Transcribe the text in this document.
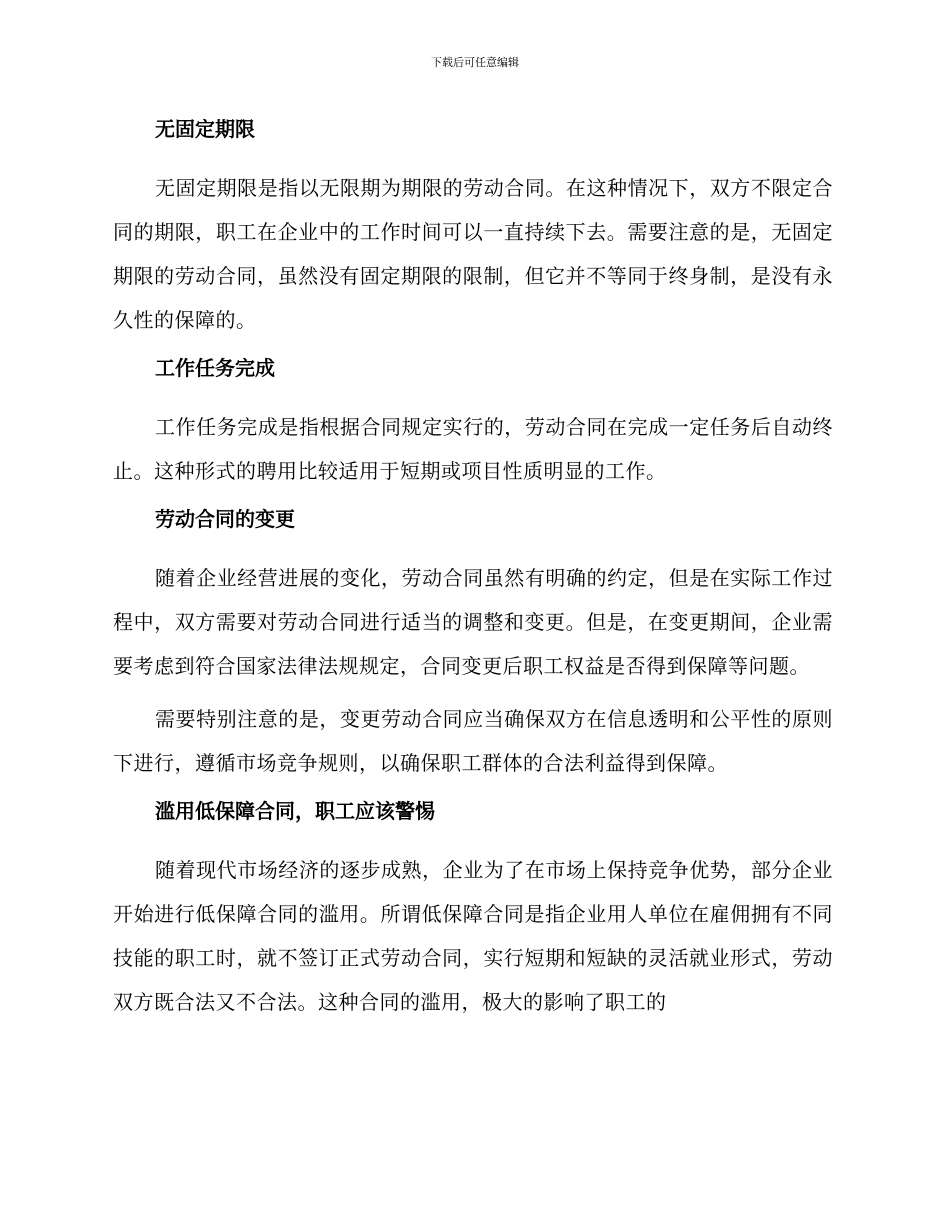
下载后可任意编辑
无固定期限

无固定期限是指以无限期为期限的劳动合同。在这种情况下，双方不限定合同的期限，职工在企业中的工作时间可以一直持续下去。需要注意的是，无固定期限的劳动合同，虽然没有固定期限的限制，但它并不等同于终身制，是没有永久性的保障的。

工作任务完成

工作任务完成是指根据合同规定实行的，劳动合同在完成一定任务后自动终止。这种形式的聘用比较适用于短期或项目性质明显的工作。

劳动合同的变更

随着企业经营进展的变化，劳动合同虽然有明确的约定，但是在实际工作过程中，双方需要对劳动合同进行适当的调整和变更。但是，在变更期间，企业需要考虑到符合国家法律法规规定，合同变更后职工权益是否得到保障等问题。

需要特别注意的是，变更劳动合同应当确保双方在信息透明和公平性的原则下进行，遵循市场竞争规则，以确保职工群体的合法利益得到保障。

滥用低保障合同，职工应该警惕

随着现代市场经济的逐步成熟，企业为了在市场上保持竞争优势，部分企业开始进行低保障合同的滥用。所谓低保障合同是指企业用人单位在雇佣拥有不同技能的职工时，就不签订正式劳动合同，实行短期和短缺的灵活就业形式，劳动双方既合法又不合法。这种合同的滥用，极大的影响了职工的
